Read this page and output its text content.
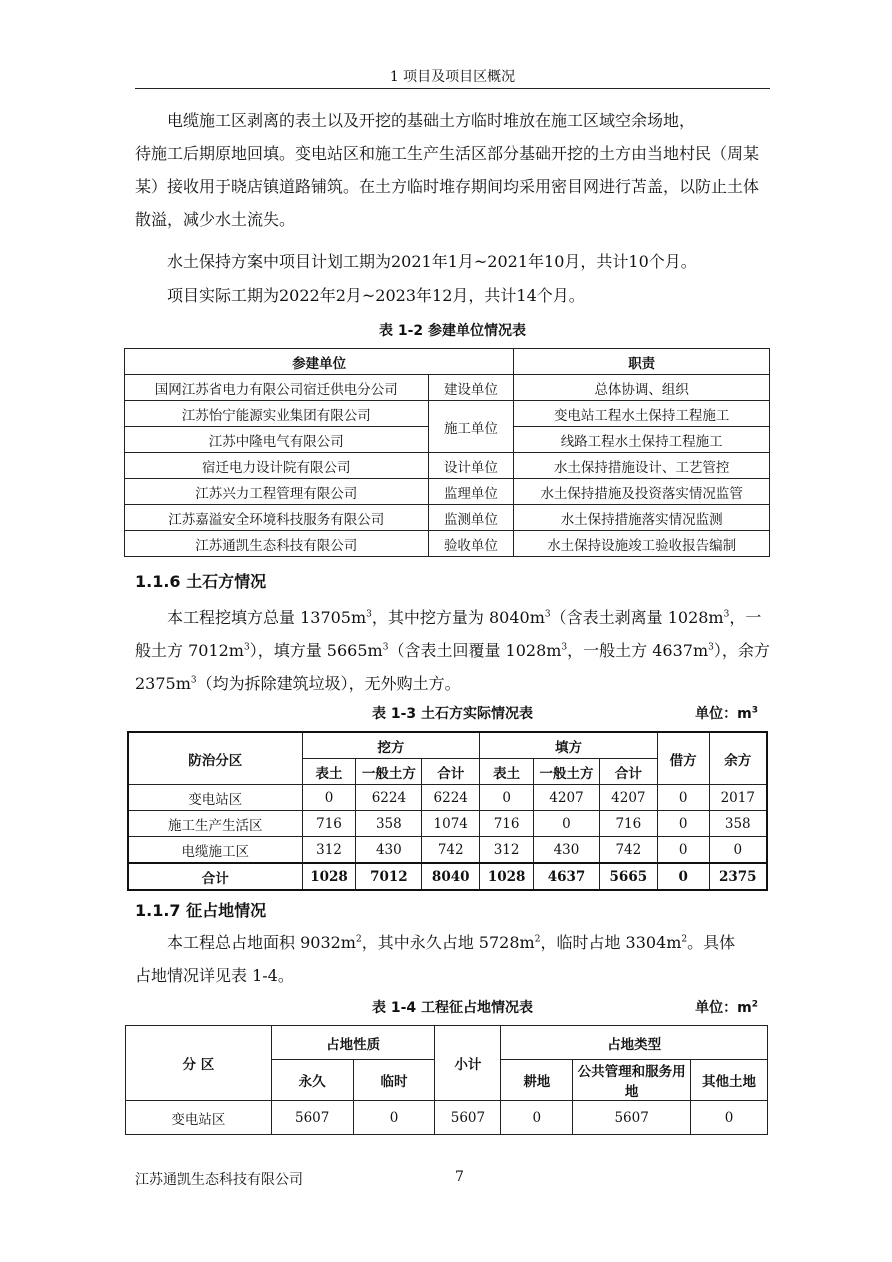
1 项目及项目区概况

电缆施工区剥离的表土以及开挖的基础土方临时堆放在施工区域空余场地，

待施工后期原地回填。变电站区和施工生产生活区部分基础开挖的土方由当地村民（周某某）接收用于晓店镇道路铺筑。在土方临时堆存期间均采用密目网进行苫盖，以防止土体散溢，减少水土流失。

水土保持方案中项目计划工期为2021年1月~2021年10月，共计10个月。

项目实际工期为2022年2月~2023年12月，共计14个月。

表 1-2 参建单位情况表
参建单位		职责
国网江苏省电力有限公司宿迁供电分公司	建设单位	总体协调、组织
江苏怡宁能源实业集团有限公司	施工单位	变电站工程水土保持工程施工
江苏中隆电气有限公司		线路工程水土保持工程施工
宿迁电力设计院有限公司	设计单位	水土保持措施设计、工艺管控
江苏兴力工程管理有限公司	监理单位	水土保持措施及投资落实情况监管
江苏嘉溢安全环境科技服务有限公司	监测单位	水土保持措施落实情况监测
江苏通凯生态科技有限公司	验收单位	水土保持设施竣工验收报告编制
1.1.6 土石方情况

本工程挖填方总量 $13705m^3$，其中挖方量为 $8040m^3$（含表土剥离量 $1028m^3$，一般土方 $7012m^3$），填方量 $5665m^3$（含表土回覆量 $1028m^3$，一般土方 $4637m^3$），余方 $2375m^3$（均为拆除建筑垃圾），无外购土方。

表 1-3 土石方实际情况表	单位：$m^3$
防治分区	挖方			填方			借方	余方
	表土	一般土方	合计	表土	一般土方	合计		
变电站区	0	6224	6224	0	4207	4207	0	2017
施工生产生活区	716	358	1074	716	0	716	0	358
电缆施工区	312	430	742	312	430	742	0	0
合计	1028	7012	8040	1028	4637	5665	0	2375
1.1.7 征占地情况

本工程总占地面积 $9032m^2$，其中永久占地 $5728m^2$，临时占地 $3304m^2$。具体

占地情况详见表 1-4。

表 1-4 工程征占地情况表	单位：$m^2$
分 区	占地性质		小计	占地类型		
	永久	临时		耕地	公共管理和服务用地	其他土地
变电站区	5607	0	5607	0	5607	0
江苏通凯生态科技有限公司	7
